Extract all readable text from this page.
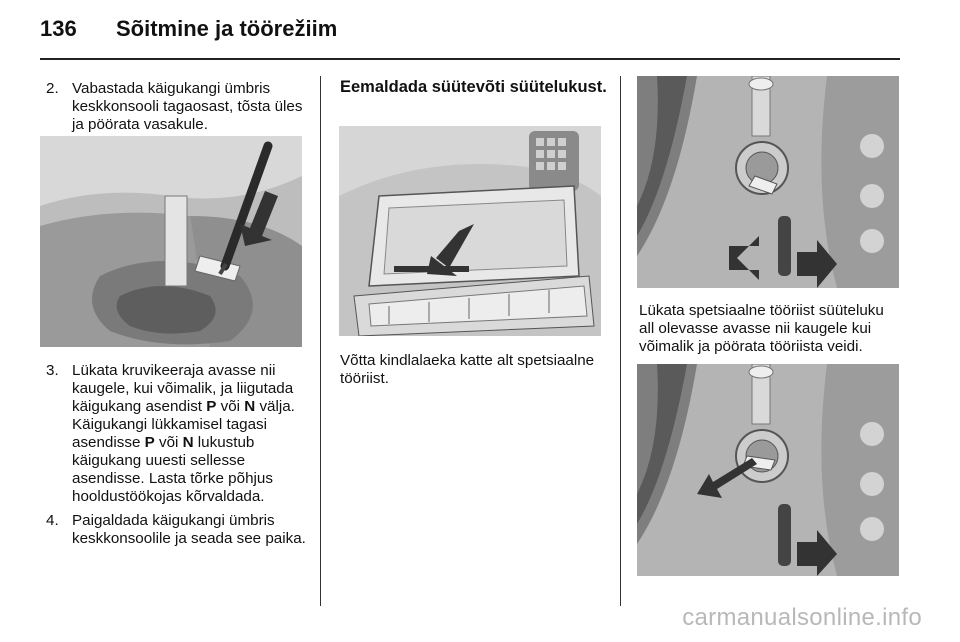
136	Sõitmine ja töörežiim
2. Vabastada käigukangi ümbris keskkonsooli tagaosast, tõsta üles ja pöörata vasakule.
3. Lükata kruvikeeraja avasse nii kaugele, kui võimalik, ja liigutada käigukang asendist P või N välja. Käigukangi lükkamisel tagasi asendisse P või N lukustub käigukang uuesti sellesse asendisse. Lasta tõrke põhjus hooldustöökojas kõrvaldada.
4. Paigaldada käigukangi ümbris keskkonsoolile ja seada see paika.
Eemaldada süütevõti süütelukust.
Võtta kindlalaeka katte alt spetsiaalne tööriist.
Lükata spetsiaalne tööriist süüteluku all olevasse avasse nii kaugele kui võimalik ja pöörata tööriista veidi.
carmanualsonline.info
